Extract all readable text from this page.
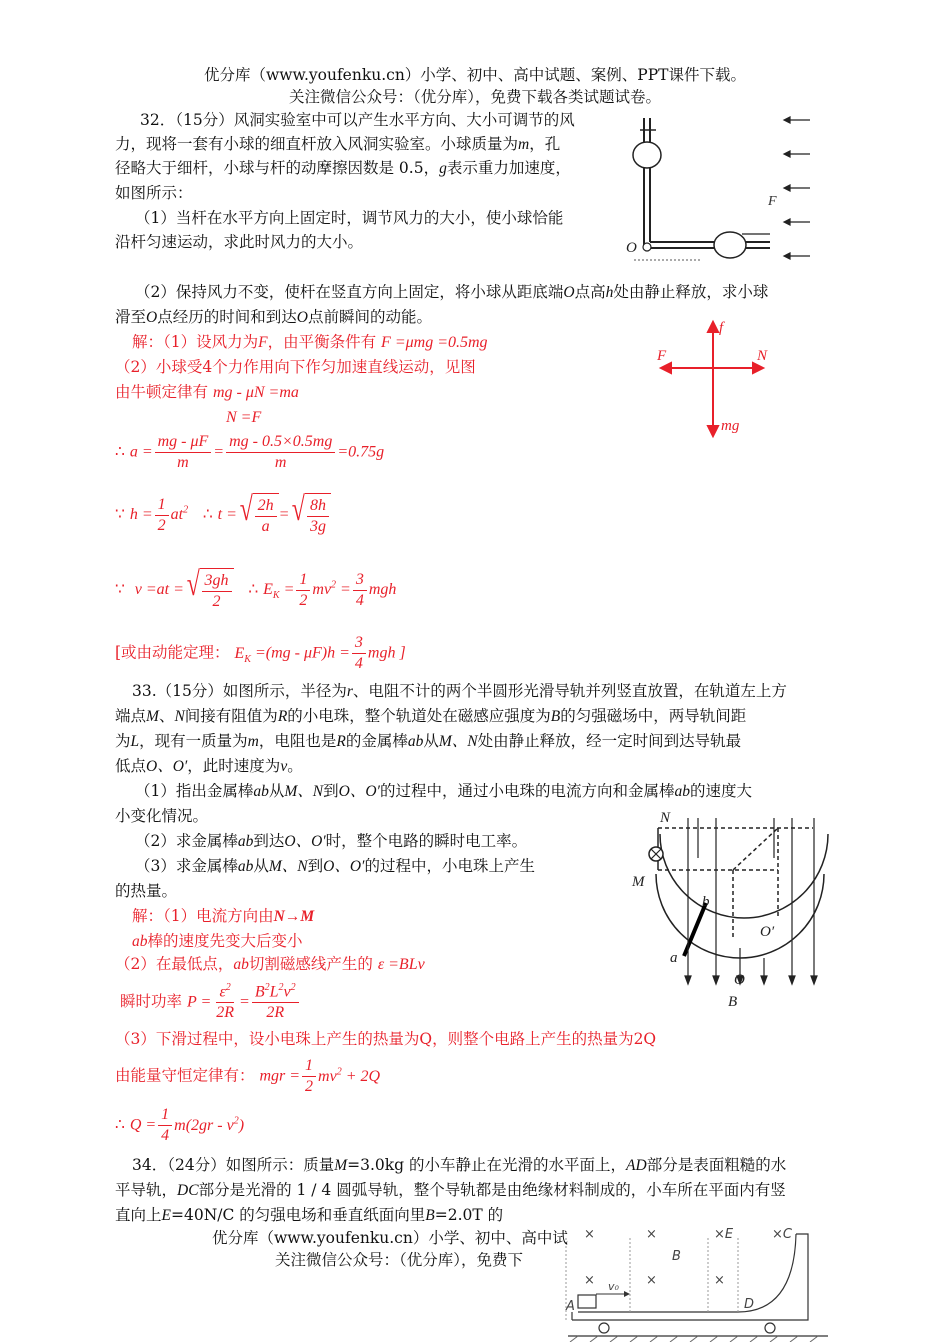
优分库（www.youfenku.cn）小学、初中、高中试题、案例、PPT课件下载。
关注微信公众号：（优分库），免费下载各类试题试卷。
32．（15分）风洞实验室中可以产生水平方向、大小可调节的风
力，现将一套有小球的细直杆放入风洞实验室。小球质量为m，孔
径略大于细杆，小球与杆的动摩擦因数是 0.5，g表示重力加速度，
如图所示：
（1）当杆在水平方向上固定时，调节风力的大小，使小球恰能
沿杆匀速运动，求此时风力的大小。
（2）保持风力不变，使杆在竖直方向上固定，将小球从距底端O点高h处由静止释放，求小球
滑至O点经历的时间和到达O点前瞬间的动能。
F
O
解：（1）设风力为F，由平衡条件有 F =μmg =0.5mg
（2）小球受4个力作用向下作匀加速直线运动，见图
由牛顿定律有 mg - μN =ma
N =F
∴ $a = \frac{mg - \mu F}{m} = \frac{mg - 0.5\times 0.5mg}{m} =0.75g$
∵ $h = \frac{1}{2} at^2$ ∴ t = √ $\frac{2h}{a}$ = √ $\frac{8h}{3g}$
∵ v =at = √ $\frac{3gh}{2}$ ∴ $E_K = \frac{1}{2} mv^2 = \frac{3}{4}$ mgh
[或由动能定理： $E_K =(mg - \mu F)h = \frac{3}{4}$ mgh ]
f
F	N
mg
33.（15分）如图所示，半径为r、电阻不计的两个半圆形光滑导轨并列竖直放置，在轨道左上方
端点M、N间接有阻值为R的小电珠，整个轨道处在磁感应强度为B的匀强磁场中，两导轨间距
为L，现有一质量为m，电阻也是R的金属棒ab从M、N处由静止释放，经一定时间到达导轨最
低点O、O′，此时速度为v。
（1）指出金属棒ab从M、N到O、O′的过程中，通过小电珠的电流方向和金属棒ab的速度大
小变化情况。
（2）求金属棒ab到达O、O′时，整个电路的瞬时电工率。
（3）求金属棒ab从M、N到O、O′的过程中，小电珠上产生
的热量。
N
M
b
a
O
O′
B
解：（1）电流方向由N→M
ab棒的速度先变大后变小
（2）在最低点，ab切割磁感线产生的 ε =BLv
瞬时功率 $P = \frac{\varepsilon^2}{2R} = \frac{B^2L^2v^2}{2R}$
（3）下滑过程中，设小电珠上产生的热量为Q，则整个电路上产生的热量为2Q
由能量守恒定律有： mgr = $\frac{1}{2} mv^2 + 2Q$
∴ $Q = \frac{1}{4} m(2gr - v^2)$
34．（24分）如图所示：质量M=3.0kg 的小车静止在光滑的水平面上，AD部分是表面粗糙的水
平导轨，DC部分是光滑的 1 / 4 圆弧导轨，整个导轨都是由绝缘材料制成的，小车所在平面内有竖
直向上E=40N/C 的匀强电场和垂直纸面向里B=2.0T 的
×	×
×	×	×
×E	×C
B
A	D
v₀
优分库（www.youfenku.cn）小学、初中、高中试
关注微信公众号：（优分库），免费下
